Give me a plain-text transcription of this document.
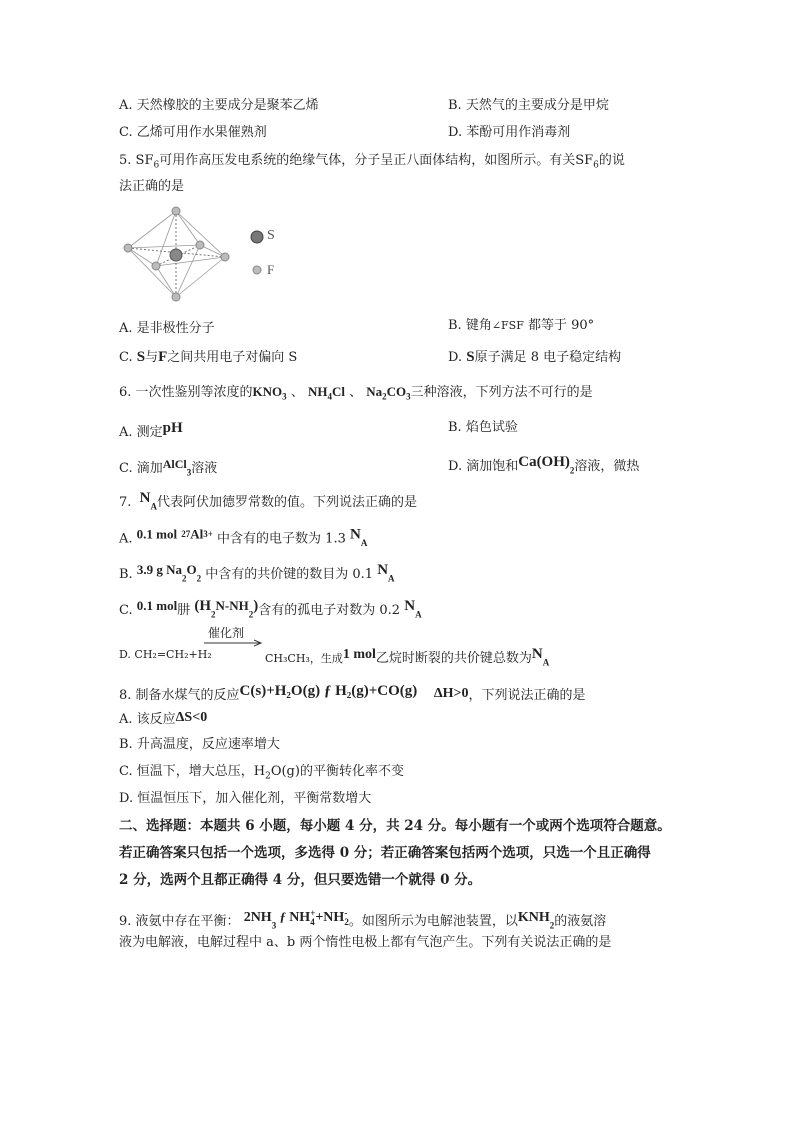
A. 天然橡胶的主要成分是聚苯乙烯	B. 天然气的主要成分是甲烷
C. 乙烯可用作水果催熟剂	D. 苯酚可用作消毒剂
5. $SF_6$可用作高压发电系统的绝缘气体，分子呈正八面体结构，如图所示。有关$SF_6$的说
法正确的是
S
F
A. 是非极性分子	B. 键角∠FSF 都等于 90°
C. S与F之间共用电子对偏向 S	D. S原子满足 8 电子稳定结构
6. 一次性鉴别等浓度的$KNO_3$ 、 $NH_4Cl$ 、 $Na_2CO_3$三种溶液，下列方法不可行的是
A. 测定pH	B. 焰色试验
C. 滴加AlCl$_3$溶液	D. 滴加饱和$Ca(OH)_2$溶液，微热
7.  $N_A$代表阿伏加德罗常数的值。下列说法正确的是
A. 0.1 mol $^{27}Al^{3+}$ 中含有的电子数为 1.3 $N_A$
B. 3.9 g $Na_2O_2$ 中含有的共价键的数目为 0.1 $N_A$
C. 0.1 mol肼 $(H_2N-NH_2)$含有的孤电子对数为 0.2 $N_A$
D. CH₂=CH₂+H₂
催化剂
CH₃CH₃，生成1 mol乙烷时断裂的共价键总数为$N_A$
8. 制备水煤气的反应C(s)+H₂O(g) ƒ H₂(g)+CO(g) ΔH>0，下列说法正确的是
A. 该反应ΔS<0
B. 升高温度，反应速率增大
C. 恒温下，增大总压，$H_2O(g)$的平衡转化率不变
D. 恒温恒压下，加入催化剂，平衡常数增大
二、选择题：本题共 6 小题，每小题 4 分，共 24 分。每小题有一个或两个选项符合题意。
若正确答案只包括一个选项，多选得 0 分；若正确答案包括两个选项，只选一个且正确得
2 分，选两个且都正确得 4 分，但只要选错一个就得 0 分。
9. 液氨中存在平衡： $2NH_3$ ƒ NH +
4 +NH -
2 。如图所示为电解池装置，以$KNH_2$的液氨溶
液为电解液，电解过程中 a、b 两个惰性电极上都有气泡产生。下列有关说法正确的是
